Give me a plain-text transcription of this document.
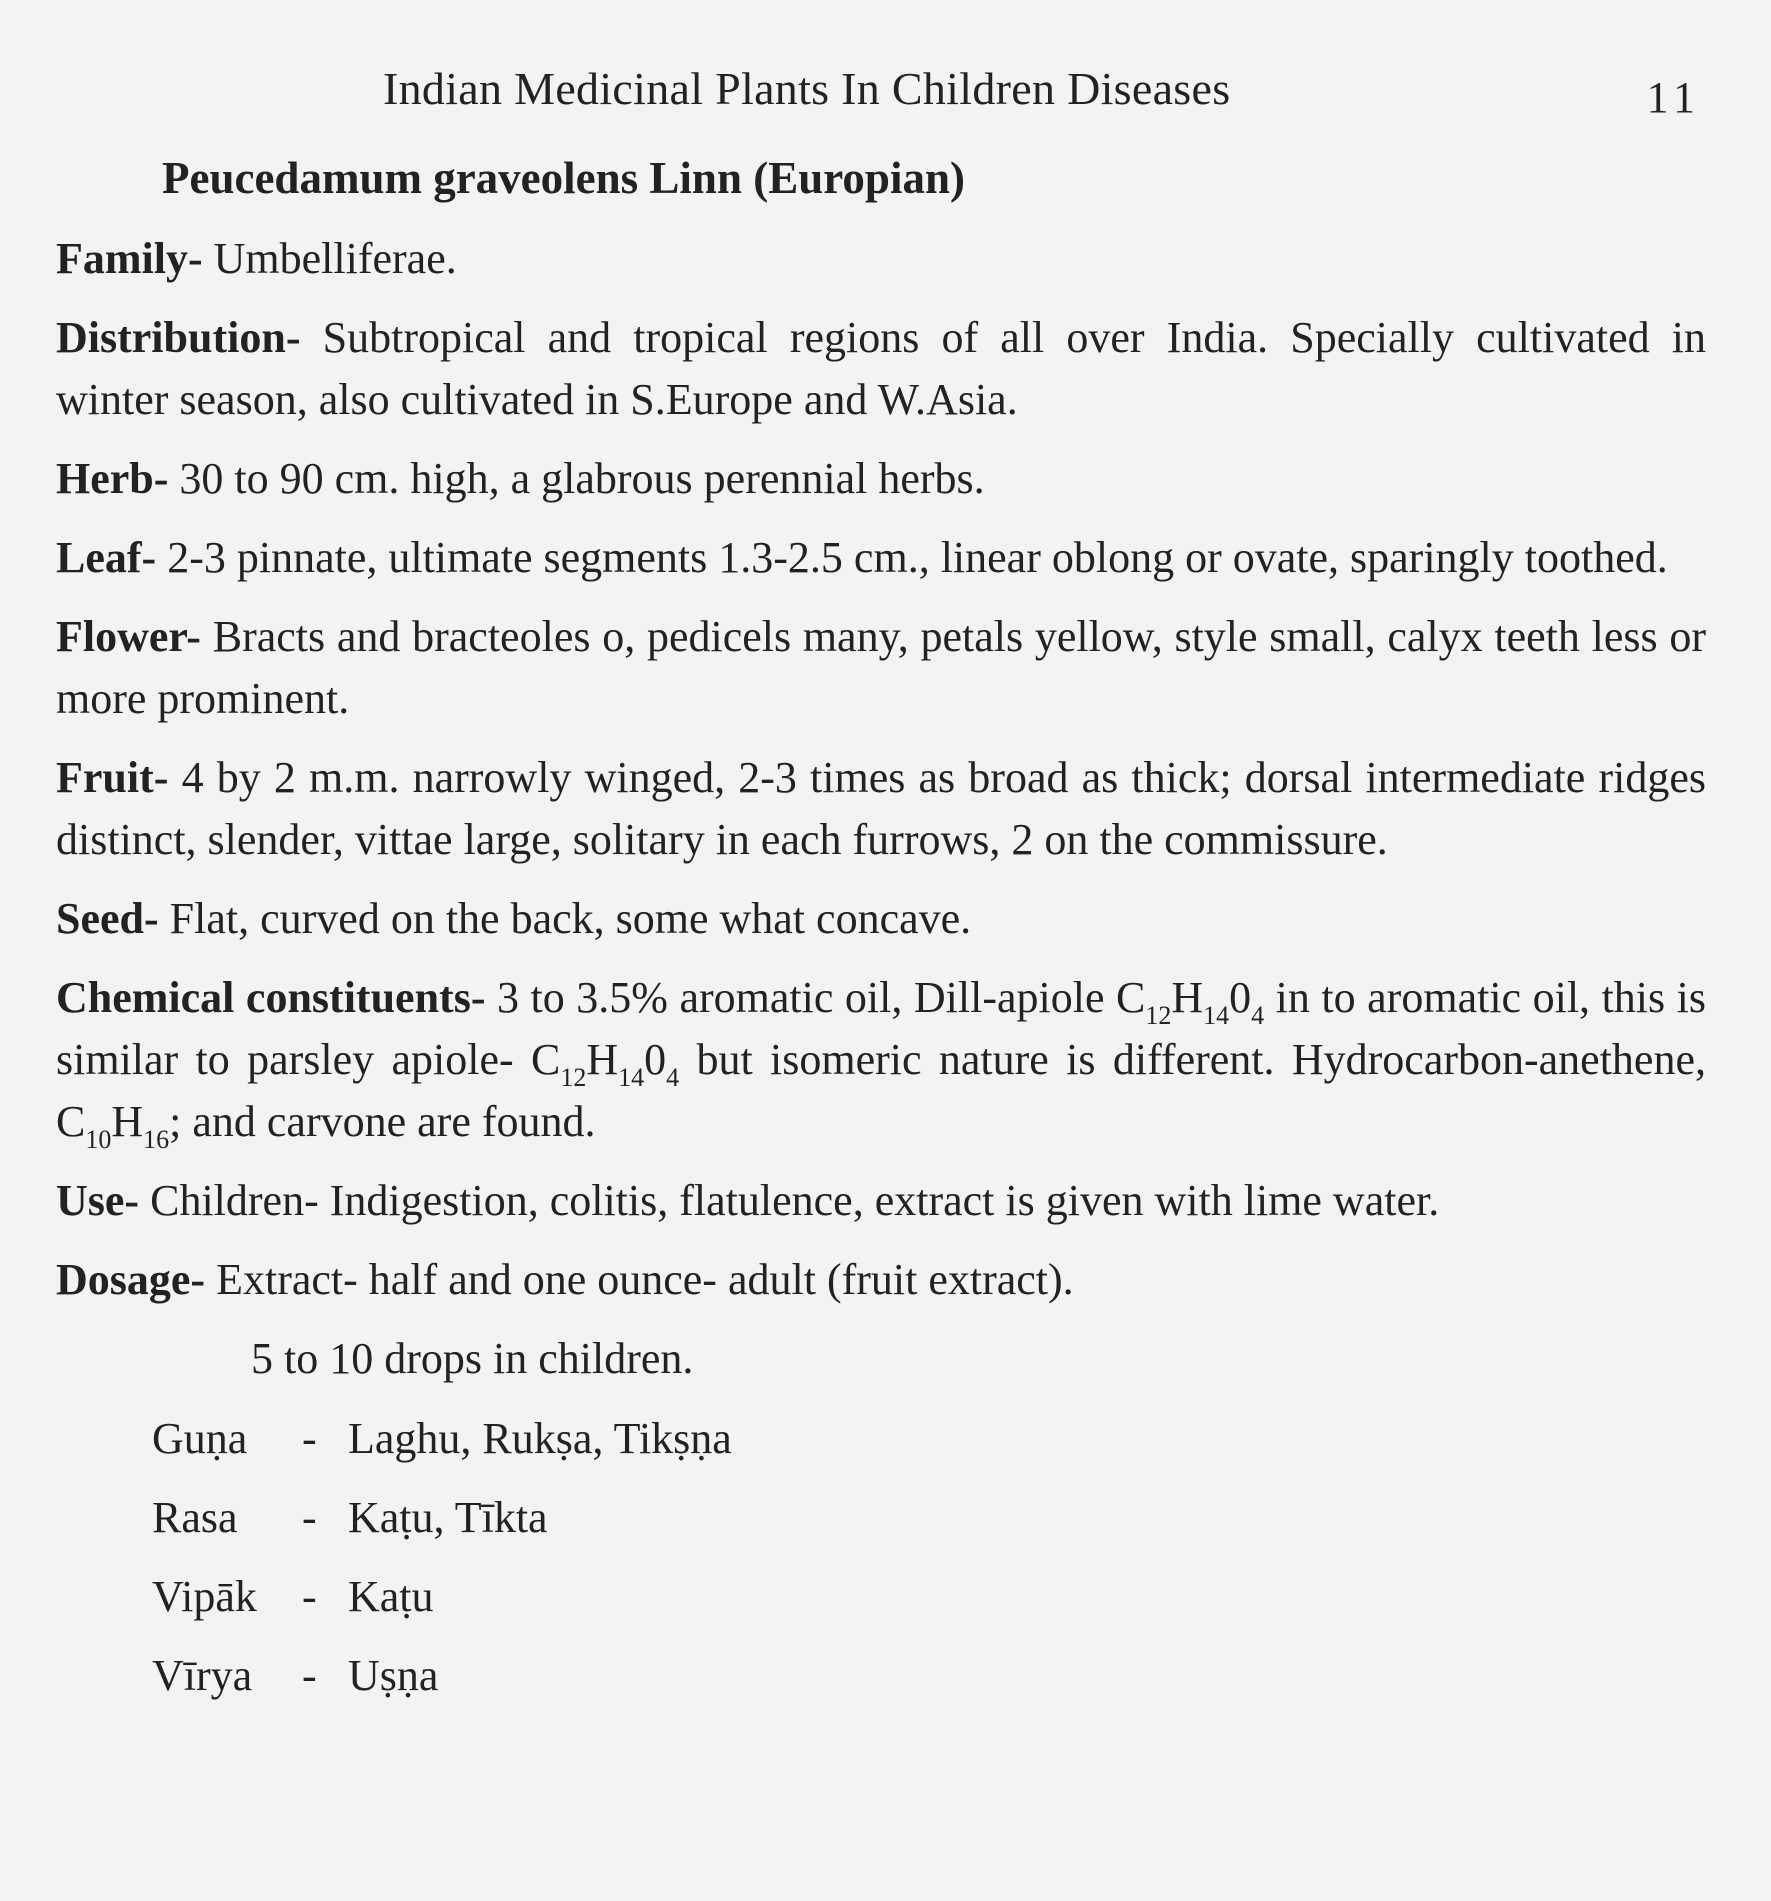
Indian Medicinal Plants In Children Diseases	11
Peucedamum graveolens Linn (Europian)

Family- Umbelliferae.

Distribution- Subtropical and tropical regions of all over India. Specially cultivated in winter season, also cultivated in S.Europe and W.Asia.

Herb- 30 to 90 cm. high, a glabrous perennial herbs.

Leaf- 2-3 pinnate, ultimate segments 1.3-2.5 cm., linear oblong or ovate, sparingly toothed.

Flower- Bracts and bracteoles o, pedicels many, petals yellow, style small, calyx teeth less or more prominent.

Fruit- 4 by 2 m.m. narrowly winged, 2-3 times as broad as thick; dorsal intermediate ridges distinct, slender, vittae large, solitary in each furrows, 2 on the commissure.

Seed- Flat, curved on the back, some what concave.

Chemical constituents- 3 to 3.5% aromatic oil, Dill-apiole $C_{12}H_{14}0_4$ in to aromatic oil, this is similar to parsley apiole- $C_{12}H_{14}0_4$ but isomeric nature is different. Hydrocarbon-anethene, $C_{10}H_{16}$; and carvone are found.

Use- Children- Indigestion, colitis, flatulence, extract is given with lime water.

Dosage- Extract- half and one ounce- adult (fruit extract).

5 to 10 drops in children.

Guṇa	- Laghu, Rukṣa, Tikṣṇa
Rasa	- Kaṭu, Tīkta
Vipāk	- Kaṭu
Vīrya	- Uṣṇa
